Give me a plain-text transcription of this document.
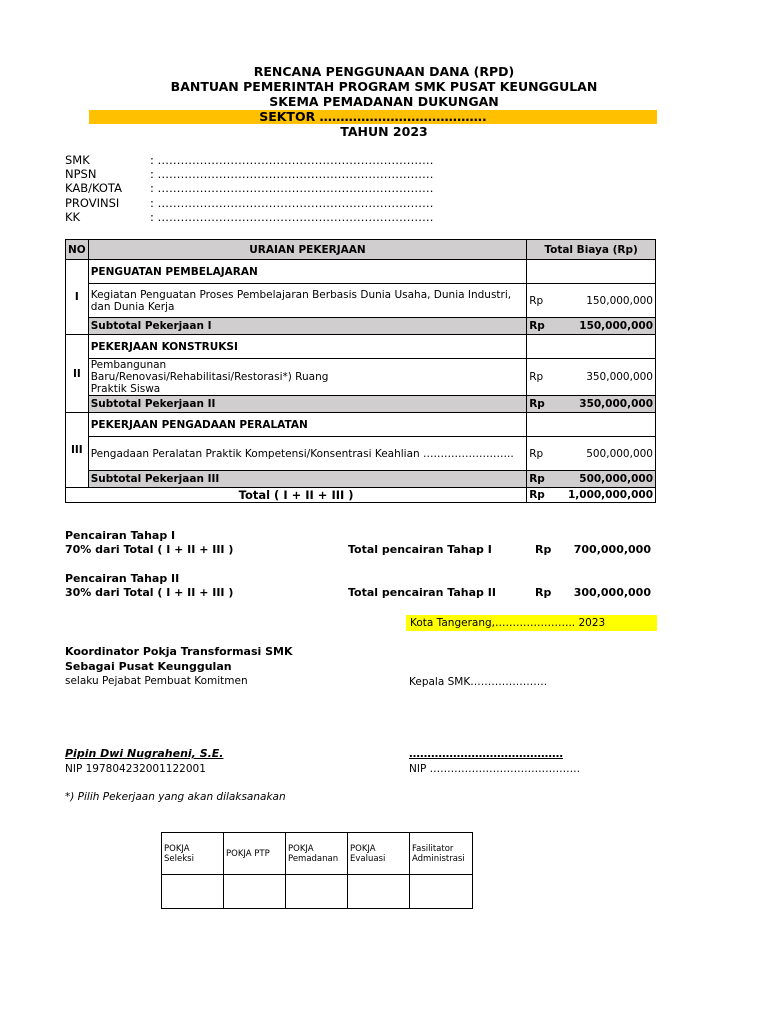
RENCANA PENGGUNAAN DANA (RPD)
BANTUAN PEMERINTAH PROGRAM SMK PUSAT KEUNGGULAN
SKEMA PEMADANAN DUKUNGAN
SEKTOR ………………………………….
TAHUN 2023
SMK	: ………………………………………………………………
NPSN	: ………………………………………………………………
KAB/KOTA : ………………………………………………………………
PROVINSI	: ………………………………………………………………
KK	: ………………………………………………………………
NO	URAIAN PEKERJAAN	Total Biaya (Rp)
I	PENGUATAN PEMBELAJARAN	
	Kegiatan Penguatan Proses Pembelajaran Berbasis Dunia Usaha, Dunia Industri, dan Dunia Kerja	Rp 150,000,000

	Subtotal Pekerjaan I	Rp 150,000,000

II	PEKERJAAN KONSTRUKSI	

	Pembangunan Baru/Renovasi/Rehabilitasi/Restorasi*) Ruang Praktik Siswa	Rp 350,000,000

	Subtotal Pekerjaan II	Rp 350,000,000

III	PEKERJAAN PENGADAAN PERALATAN	
	Pengadaan Peralatan Praktik Kompetensi/Konsentrasi Keahlian ……………………..	Rp 500,000,000

	Subtotal Pekerjaan III	Rp 500,000,000

Total ( I + II + III )		Rp 1,000,000,000
Pencairan Tahap I
70% dari Total ( I + II + III )	Total pencairan Tahap I	Rp	700,000,000
Pencairan Tahap II
30% dari Total ( I + II + III )	Total pencairan Tahap II	Rp	300,000,000
Kota Tangerang,………………….. 2023
Koordinator Pokja Transformasi SMK
Sebagai Pusat Keunggulan
selaku Pejabat Pembuat Komitmen	Kepala SMK………………….
Pipin Dwi Nugraheni, S.E.	……………………………………
NIP 197804232001122001	NIP …………………………………….
*) Pilih Pekerjaan yang akan dilaksanakan
POKJA Seleksi	POKJA PTP	POKJA Pemadanan	POKJA Evaluasi	Fasilitator Administrasi
